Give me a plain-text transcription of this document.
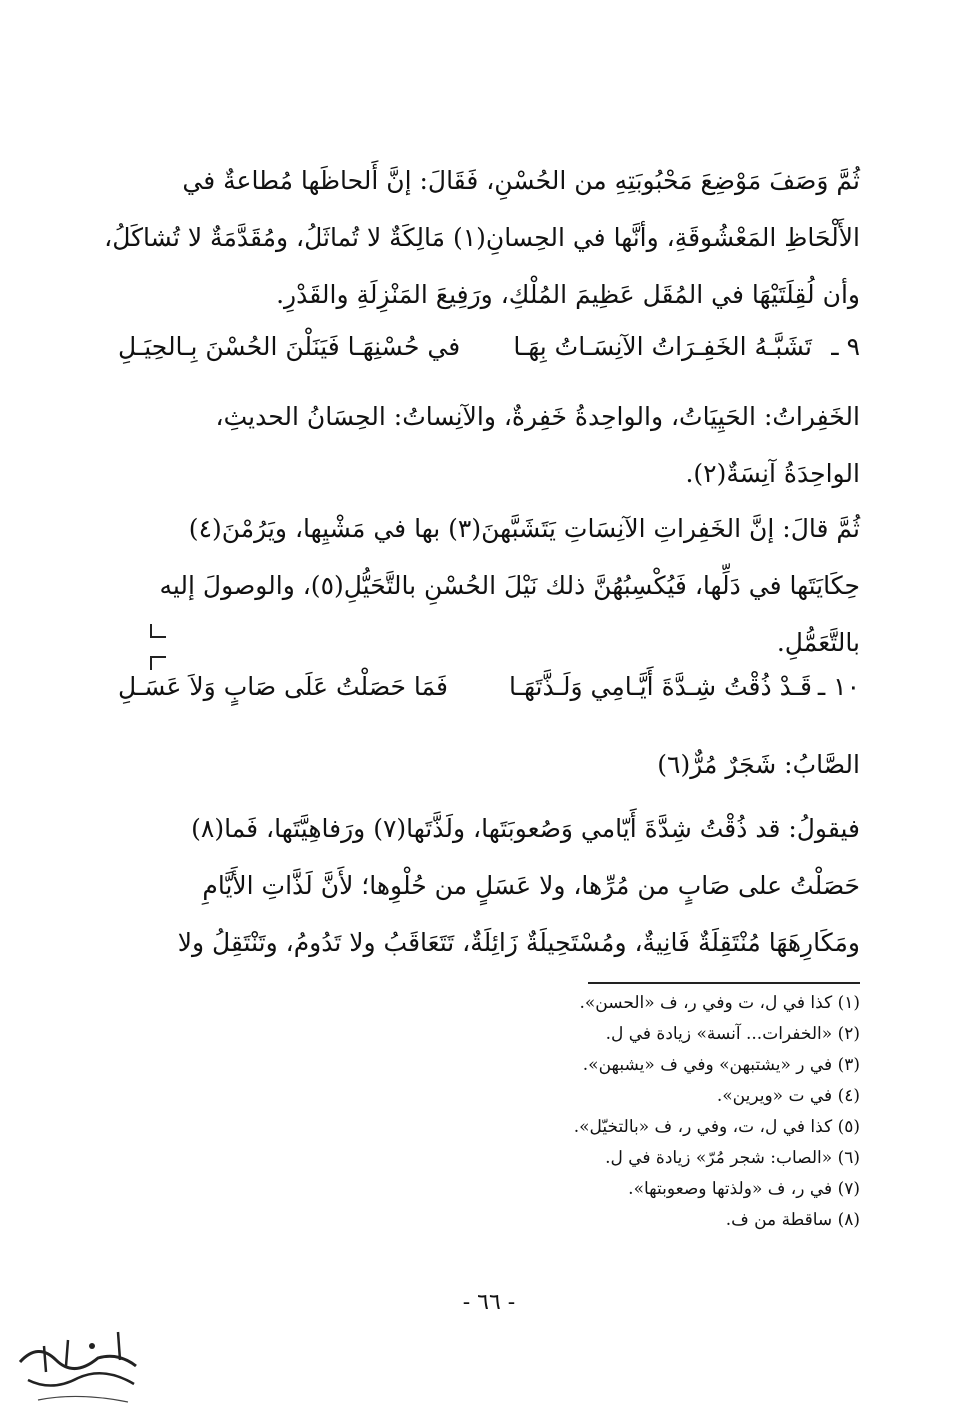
ثُمَّ وَصَفَ مَوْضِعَ مَحْبُوبَتِهِ من الحُسْنِ، فَقَالَ: إنَّ أَلحاظَها مُطاعةٌ في
الأَلْحَاظِ المَعْشُوقَةِ، وأنَّها في الحِسانِ(١) مَالِكَةٌ لا تُماثَلُ، ومُقَدَّمَةٌ لا تُشاكَلُ،
وأن لُقِلَتَيْهَا في المُقَل عَظِيمَ المُلْكِ، ورَفِيعَ المَنْزِلَةِ والقَدْرِ.
٩ ـ
تَشَبَّـهُ الخَفِـرَاتُ الآنِسَـاتُ بِهَـا
في حُسْنِهَـا فَيَنَلْنَ الحُسْنَ بِـالحِيَـلِ
الخَفِراتُ: الحَيِيَاتُ، والواحِدةُ خَفِرةٌ، والآنِساتُ: الحِسَانُ الحديثِ،
الواحِدَةُ آنِسَةٌ(٢).
ثُمَّ قالَ: إنَّ الخَفِراتِ الآنِسَاتِ يَتَشَبَّهنَ(٣) بها في مَشْيِها، ويَرُمْنَ(٤)
حِكَايَتَها في دَلِّها، فَيُكْسِبُهُنَّ ذلك نَيْلَ الحُسْنِ بالتَّحَيُّلِ(٥)، والوصولَ إليه
بالتَّعَمُّلِ.
١٠ ـ
قَـدْ ذُقْتُ شِـدَّةَ أَيَّـامِي وَلَـذَّتَهَـا
فَمَا حَصَلْتُ عَلَى صَابٍ وَلاَ عَسَـلِ
الصَّابُ: شَجَرٌ مُرٌّ(٦)
فيقولُ: قد ذُقْتُ شِدَّةَ أَيّامي وَصُعوبَتَها، ولَذَّتَها(٧) ورَفاهِيَّتَها، فَما(٨)
حَصَلْتُ على صَابٍ من مُرِّها، ولا عَسَلٍ من حُلْوِها؛ لأَنَّ لَذَّاتِ الأَيَّامِ
ومَكَارِهَهَا مُنْتَقِلَةٌ فَانِيةٌ، ومُسْتَحِيلَةٌ زَائِلَةٌ، تَتَعَاقَبُ ولا تَدُومُ، وتَنْتَقِلُ ولا
(١) كذا في ل، ت وفي ر، ف «الحسن».
(٢) «الخفرات... آنسة» زيادة في ل.
(٣) في ر «يشتبهن» وفي ف «يشبهن».
(٤) في ت «ويرين».
(٥) كذا في ل، ت، وفي ر، ف «بالتخيّل».
(٦) «الصاب: شجر مُرّ» زيادة في ل.
(٧) في ر، ف «ولذتها وصعوبتها».
(٨) ساقطة من ف.
- ٦٦ -
